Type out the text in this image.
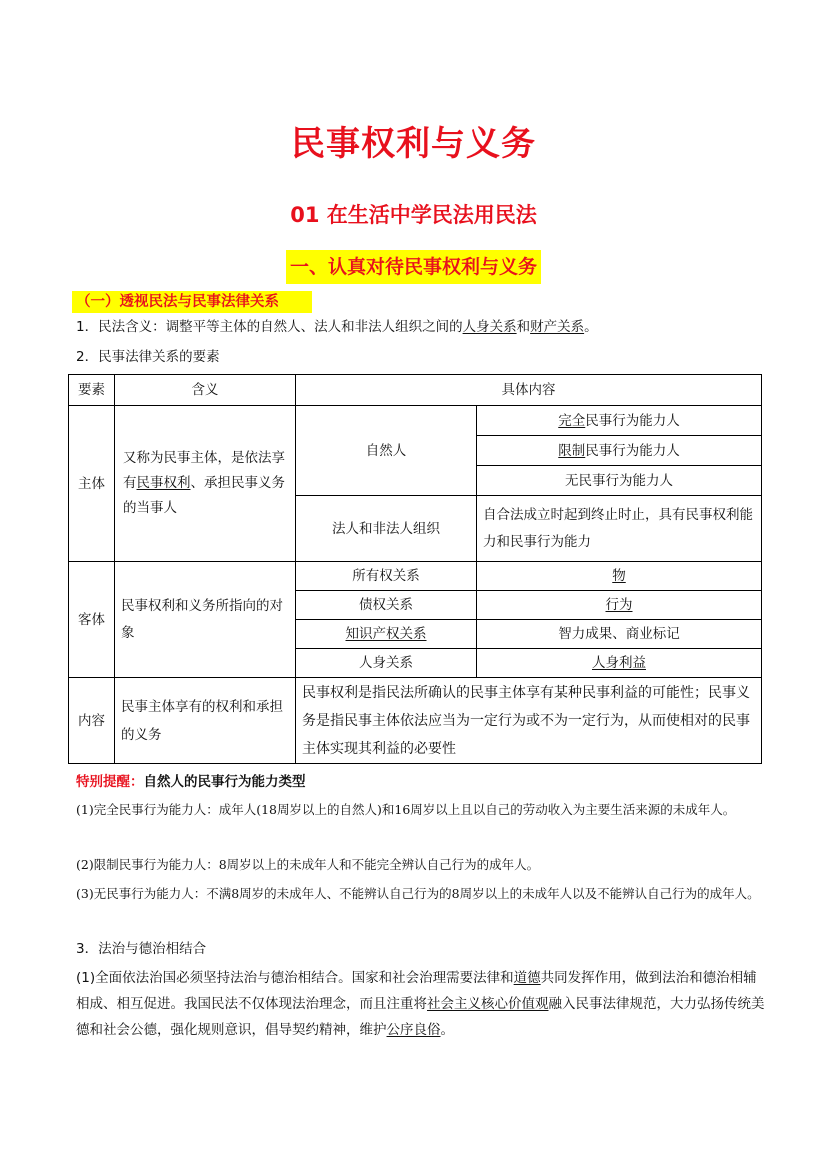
民事权利与义务
01 在生活中学民法用民法
一、认真对待民事权利与义务
（一）透视民法与民事法律关系
1．民法含义：调整平等主体的自然人、法人和非法人组织之间的人身关系和财产关系。
2．民事法律关系的要素
要素	含义	具体内容	
主体	又称为民事主体，是依法享有民事权利、承担民事义务的当事人	自然人	完全民事行为能力人
			限制民事行为能力人
			无民事行为能力人
		法人和非法人组织	自合法成立时起到终止时止，具有民事权利能力和民事行为能力
客体	民事权利和义务所指向的对象	所有权关系	物
		债权关系	行为
		知识产权关系	智力成果、商业标记
		人身关系	人身利益
内容	民事主体享有的权利和承担的义务	民事权利是指民法所确认的民事主体享有某种民事利益的可能性；民事义务是指民事主体依法应当为一定行为或不为一定行为，从而使相对的民事主体实现其利益的必要性	
特别提醒：自然人的民事行为能力类型
(1)完全民事行为能力人：成年人(18周岁以上的自然人)和16周岁以上且以自己的劳动收入为主要生活来源的未成年人。
(2)限制民事行为能力人：8周岁以上的未成年人和不能完全辨认自己行为的成年人。
(3)无民事行为能力人：不满8周岁的未成年人、不能辨认自己行为的8周岁以上的未成年人以及不能辨认自己行为的成年人。
3．法治与德治相结合
(1)全面依法治国必须坚持法治与德治相结合。国家和社会治理需要法律和道德共同发挥作用，做到法治和德治相辅相成、相互促进。我国民法不仅体现法治理念，而且注重将社会主义核心价值观融入民事法律规范，大力弘扬传统美德和社会公德，强化规则意识，倡导契约精神，维护公序良俗。
